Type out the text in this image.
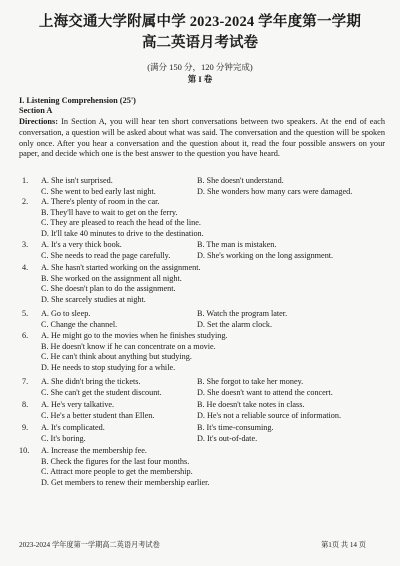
上海交通大学附属中学 2023-2024 学年度第一学期
高二英语月考试卷
(满分 150 分，120 分钟完成)
第 I 卷
I. Listening Comprehension (25')
Section A

Directions: In Section A, you will hear ten short conversations between two speakers. At the end of each conversation, a question will be asked about what was said. The conversation and the question will be spoken only once. After you hear a conversation and the question about it, read the four possible answers on your paper, and decide which one is the best answer to the question you have heard.

1. A. She isn't surprised.	B. She doesn't understand.
C. She went to bed early last night.	D. She wonders how many cars were damaged.
2. A. There's plenty of room in the car.
B. They'll have to wait to get on the ferry.
C. They are pleased to reach the head of the line.
D. It'll take 40 minutes to drive to the destination.
3. A. It's a very thick book.	B. The man is mistaken.
C. She needs to read the page carefully.	D. She's working on the long assignment.
4. A. She hasn't started working on the assignment.
B. She worked on the assignment all night.
C. She doesn't plan to do the assignment.
D. She scarcely studies at night.
5. A. Go to sleep.	B. Watch the program later.
C. Change the channel.	D. Set the alarm clock.
6. A. He might go to the movies when he finishes studying.
B. He doesn't know if he can concentrate on a movie.
C. He can't think about anything but studying.
D. He needs to stop studying for a while.
7. A. She didn't bring the tickets.	B. She forgot to take her money.
C. She can't get the student discount.	D. She doesn't want to attend the concert.
8. A. He's very talkative.	B. He doesn't take notes in class.
C. He's a better student than Ellen.	D. He's not a reliable source of information.
9. A. It's complicated.	B. It's time-consuming.
C. It's boring.	D. It's out-of-date.
10. A. Increase the membership fee.
B. Check the figures for the last four months.
C. Attract more people to get the membership.
D. Get members to renew their membership earlier.
2023-2024 学年度第一学期高二英语月考试卷	第1页 共 14 页
